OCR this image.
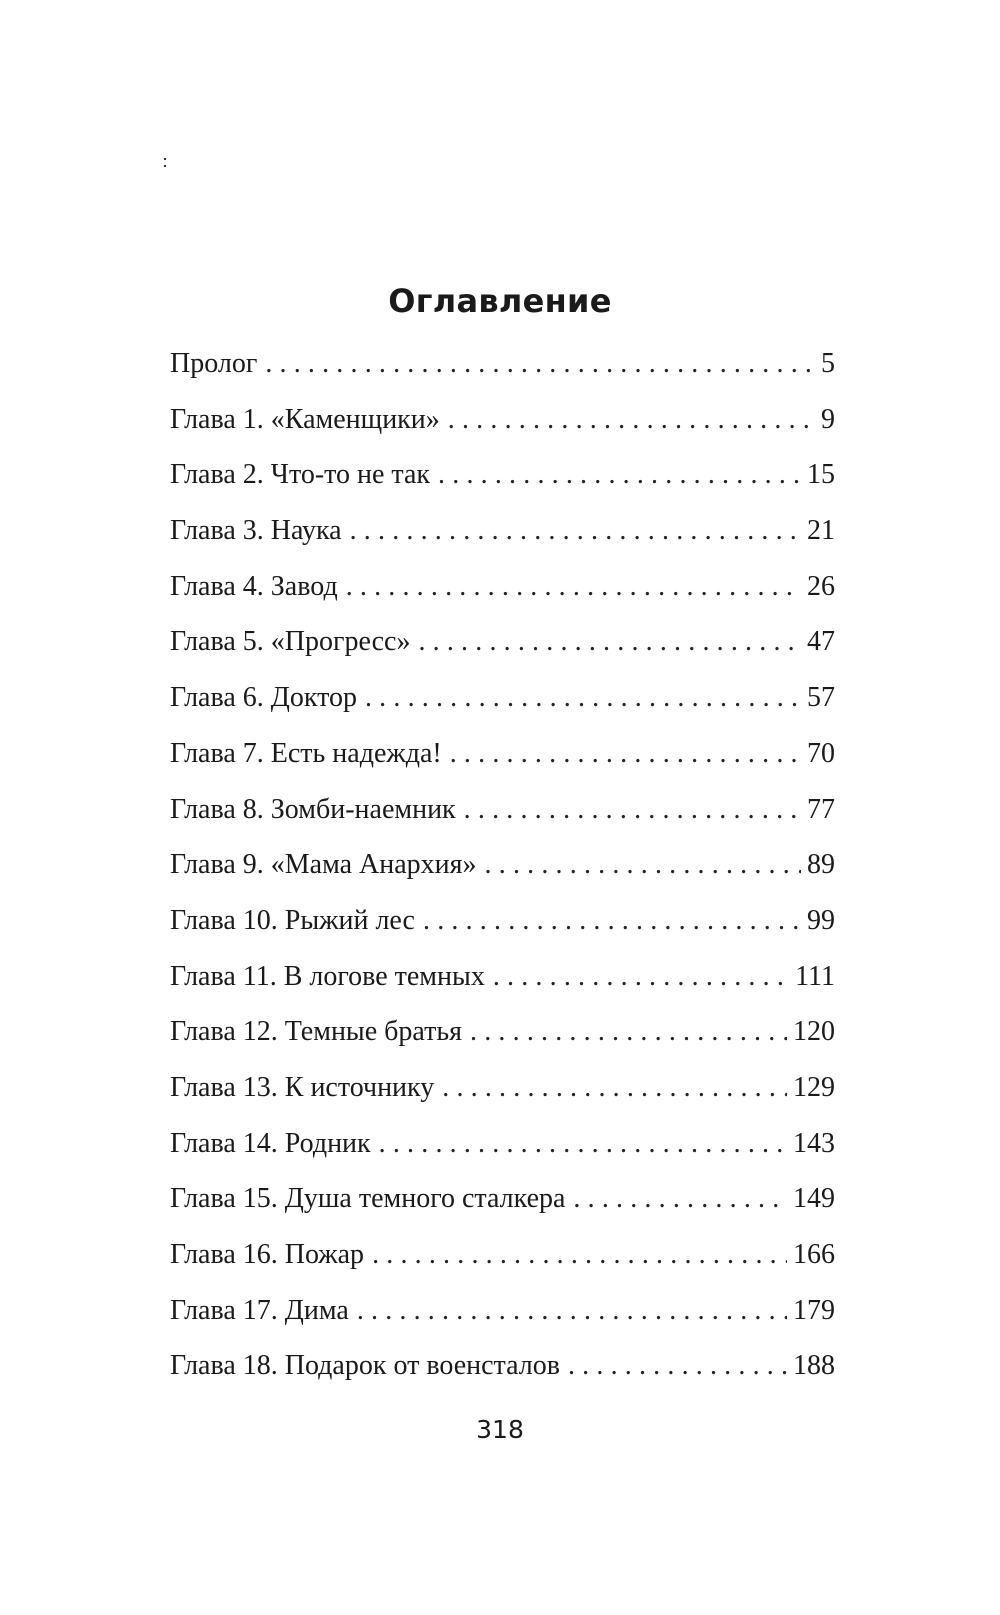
Оглавление
Пролог .....	5
Глава 1. «Каменщики» .....	9
Глава 2. Что-то не так .....	15
Глава 3. Наука .....	21
Глава 4. Завод .....	26
Глава 5. «Прогресс» .....	47
Глава 6. Доктор .....	57
Глава 7. Есть надежда! .....	70
Глава 8. Зомби-наемник .....	77
Глава 9. «Мама Анархия» .....	89
Глава 10. Рыжий лес .....	99
Глава 11. В логове темных .....	111
Глава 12. Темные братья .....	120
Глава 13. К источнику .....	129
Глава 14. Родник .....	143
Глава 15. Душа темного сталкера .....	149
Глава 16. Пожар .....	166
Глава 17. Дима .....	179
Глава 18. Подарок от военсталов .....	188
318
